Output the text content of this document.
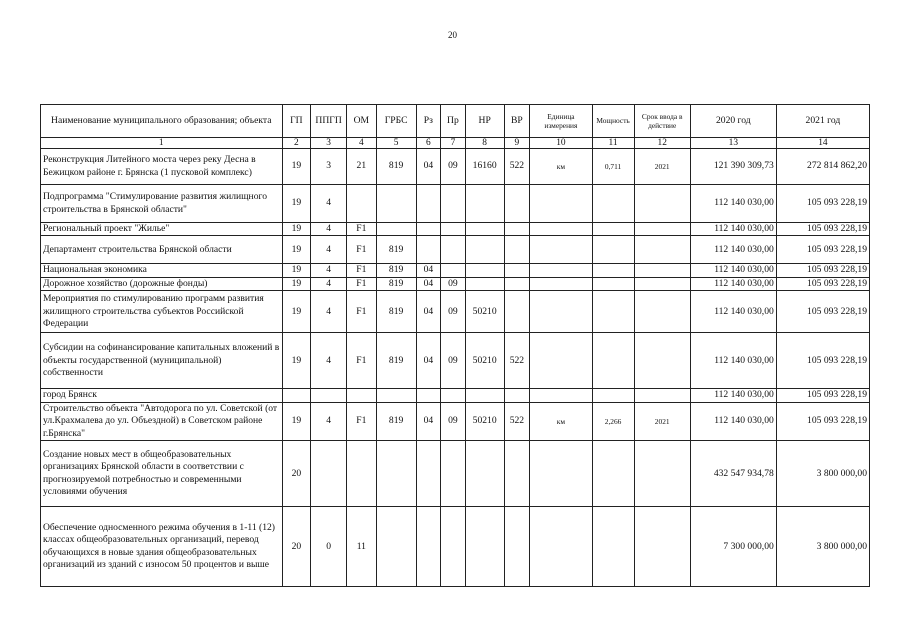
20
Наименование муниципального образования; объекта	ГП	ППГП	ОМ	ГРБС	Рз	Пр	НР	ВР	Единица измерения	Мощность	Срок ввода в действие	2020 год	2021 год
1	2	3	4	5	6	7	8	9	10	11	12	13	14
Реконструкция Литейного моста через реку Десна в Бежицком районе г. Брянска (1 пусковой комплекс)	19	3	21	819	04	09	16160	522	км	0,711	2021	121 390 309,73	272 814 862,20
Подпрограмма "Стимулирование развития жилищного строительства в Брянской области"	19	4										112 140 030,00	105 093 228,19
Региональный проект "Жилье"	19	4	F1									112 140 030,00	105 093 228,19
Департамент строительства Брянской области	19	4	F1	819								112 140 030,00	105 093 228,19
Национальная экономика	19	4	F1	819	04							112 140 030,00	105 093 228,19
Дорожное хозяйство (дорожные фонды)	19	4	F1	819	04	09						112 140 030,00	105 093 228,19
Мероприятия по стимулированию программ развития жилищного строительства субъектов Российской Федерации	19	4	F1	819	04	09	50210					112 140 030,00	105 093 228,19
Субсидии на софинансирование капитальных вложений в объекты государственной (муниципальной) собственности	19	4	F1	819	04	09	50210	522				112 140 030,00	105 093 228,19
город Брянск												112 140 030,00	105 093 228,19
Строительство объекта "Автодорога по ул. Советской (от ул.Крахмалева до ул. Объездной) в Советском районе г.Брянска"	19	4	F1	819	04	09	50210	522	км	2,266	2021	112 140 030,00	105 093 228,19
Создание новых мест в общеобразовательных организациях Брянской области в соответствии с прогнозируемой потребностью и современными условиями обучения	20											432 547 934,78	3 800 000,00
Обеспечение односменного режима обучения в 1-11 (12) классах общеобразовательных организаций, перевод обучающихся в новые здания общеобразовательных организаций из зданий с износом 50 процентов и выше	20	0	11									7 300 000,00	3 800 000,00
